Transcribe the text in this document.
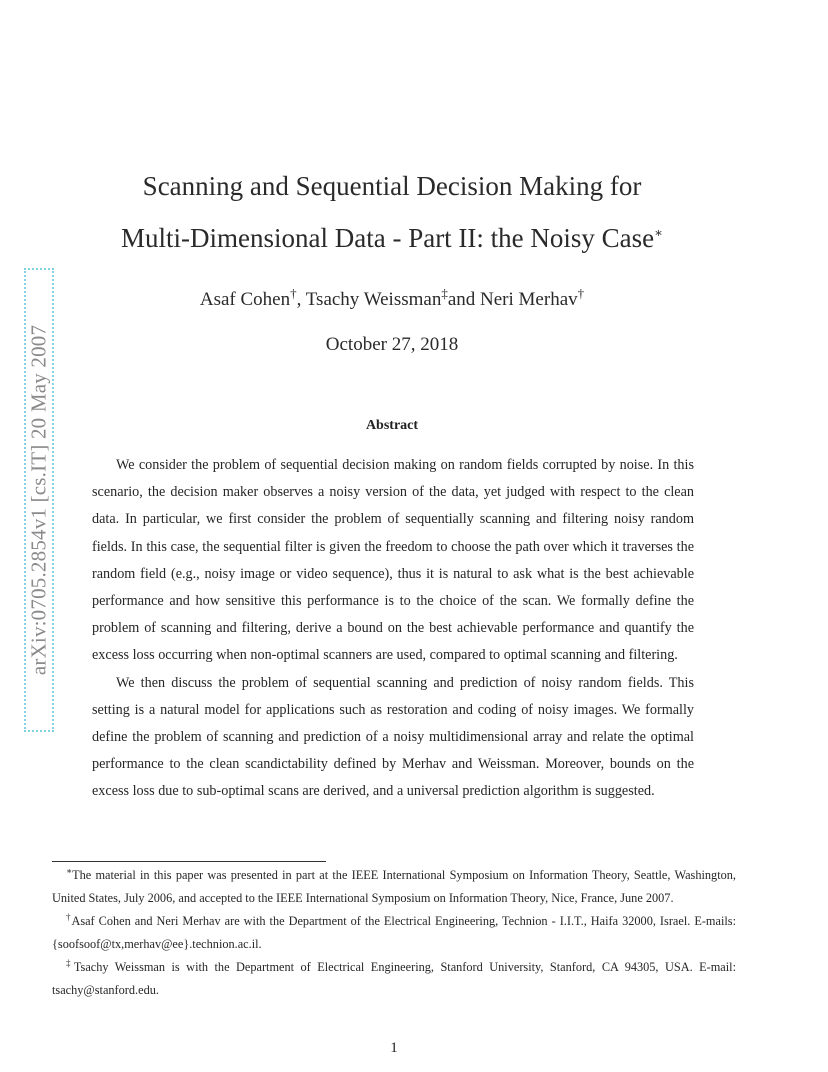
arXiv:0705.2854v1 [cs.IT] 20 May 2007
Scanning and Sequential Decision Making for
Multi-Dimensional Data - Part II: the Noisy Case∗
Asaf Cohen†, Tsachy Weissman‡and Neri Merhav†
October 27, 2018
Abstract

We consider the problem of sequential decision making on random fields corrupted by noise. In this scenario, the decision maker observes a noisy version of the data, yet judged with respect to the clean data. In particular, we first consider the problem of sequentially scanning and filtering noisy random fields. In this case, the sequential filter is given the freedom to choose the path over which it traverses the random field (e.g., noisy image or video sequence), thus it is natural to ask what is the best achievable performance and how sensitive this performance is to the choice of the scan. We formally define the problem of scanning and filtering, derive a bound on the best achievable performance and quantify the excess loss occurring when non-optimal scanners are used, compared to optimal scanning and filtering.

We then discuss the problem of sequential scanning and prediction of noisy random fields. This setting is a natural model for applications such as restoration and coding of noisy images. We formally define the problem of scanning and prediction of a noisy multidimensional array and relate the optimal performance to the clean scandictability defined by Merhav and Weissman. Moreover, bounds on the excess loss due to sub-optimal scans are derived, and a universal prediction algorithm is suggested.

∗The material in this paper was presented in part at the IEEE International Symposium on Information Theory, Seattle, Washington, United States, July 2006, and accepted to the IEEE International Symposium on Information Theory, Nice, France, June 2007.

†Asaf Cohen and Neri Merhav are with the Department of the Electrical Engineering, Technion - I.I.T., Haifa 32000, Israel. E-mails: {soofsoof@tx,merhav@ee}.technion.ac.il.

‡Tsachy Weissman is with the Department of Electrical Engineering, Stanford University, Stanford, CA 94305, USA. E-mail: tsachy@stanford.edu.

1
